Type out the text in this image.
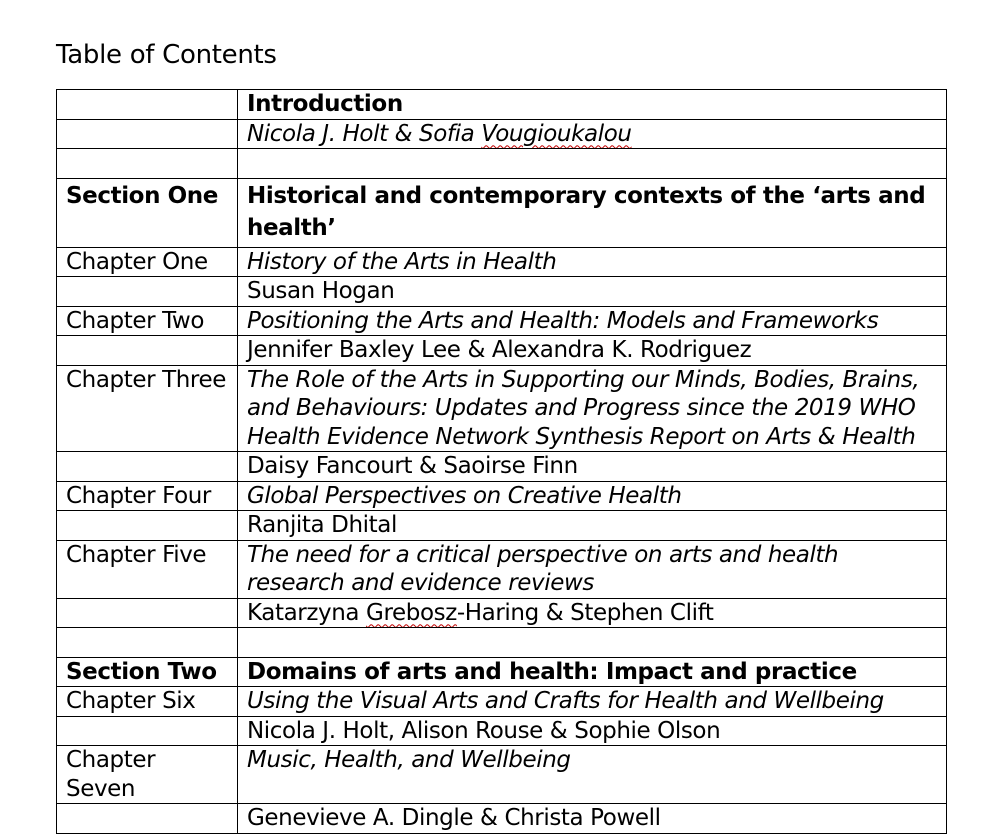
Table of Contents
	Introduction
	Nicola J. Holt & Sofia Vougioukalou

Section One	Historical and contemporary contexts of the ‘arts and health’
Chapter One	History of the Arts in Health
	Susan Hogan
Chapter Two	Positioning the Arts and Health: Models and Frameworks
	Jennifer Baxley Lee & Alexandra K. Rodriguez
Chapter Three	The Role of the Arts in Supporting our Minds, Bodies, Brains, and Behaviours: Updates and Progress since the 2019 WHO Health Evidence Network Synthesis Report on Arts & Health
	Daisy Fancourt & Saoirse Finn
Chapter Four	Global Perspectives on Creative Health
	Ranjita Dhital
Chapter Five	The need for a critical perspective on arts and health research and evidence reviews
	Katarzyna Grebosz-Haring & Stephen Clift

Section Two	Domains of arts and health: Impact and practice
Chapter Six	Using the Visual Arts and Crafts for Health and Wellbeing
	Nicola J. Holt, Alison Rouse & Sophie Olson
Chapter Seven	Music, Health, and Wellbeing
	Genevieve A. Dingle & Christa Powell
